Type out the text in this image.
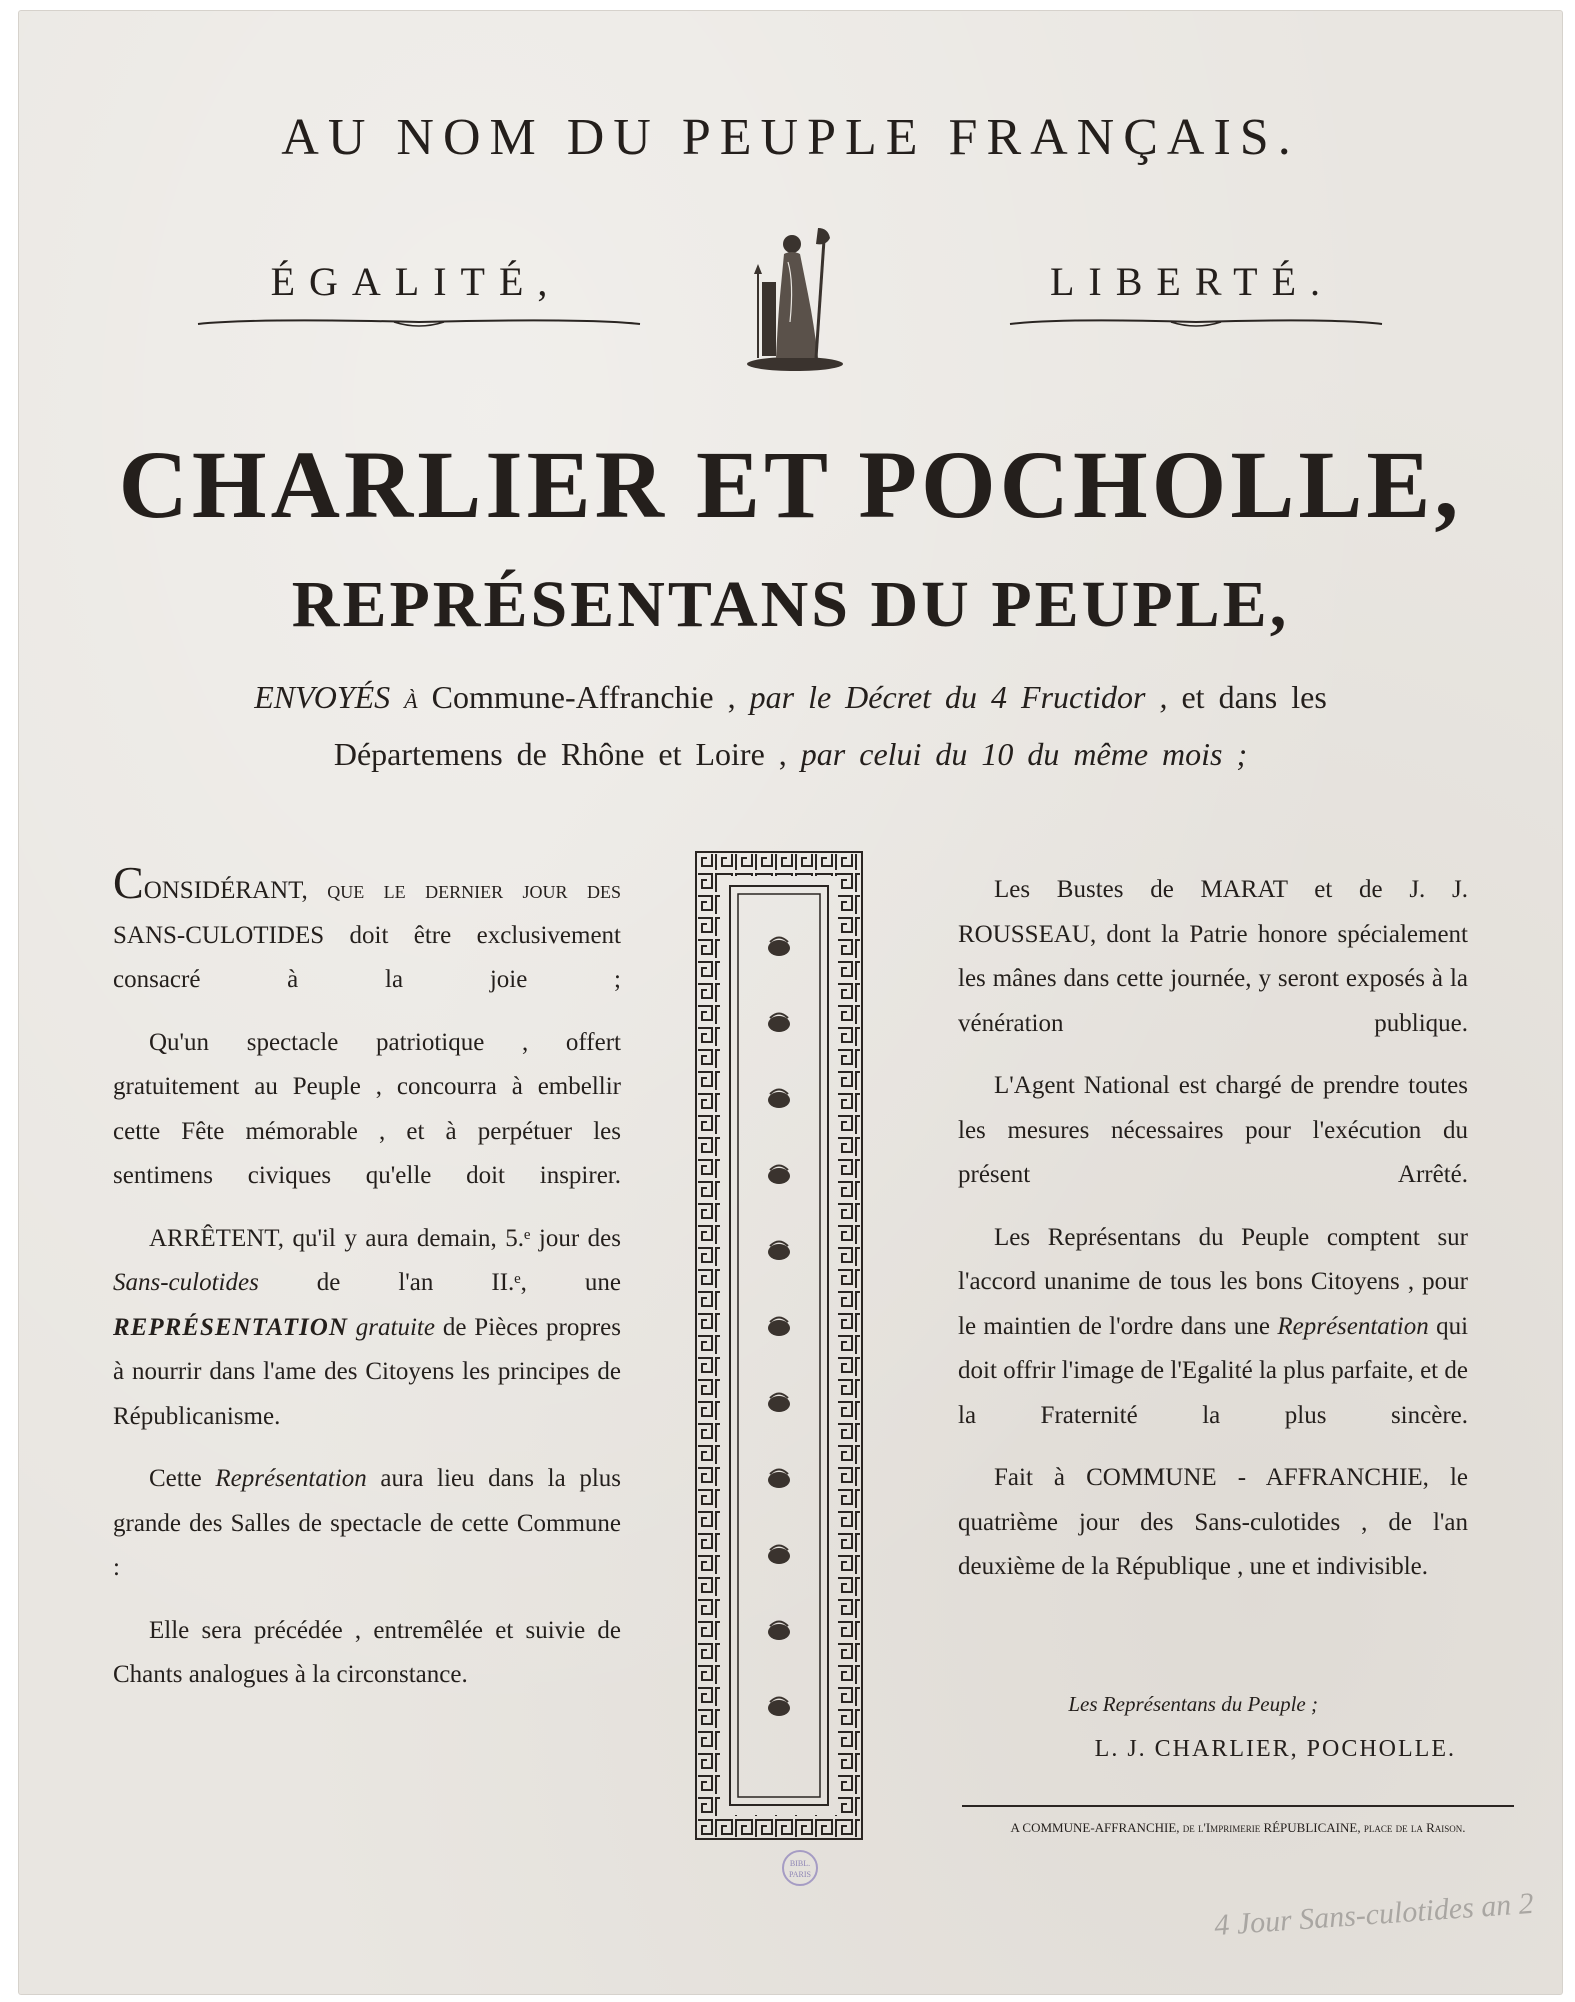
AU NOM DU PEUPLE FRANÇAIS.
ÉGALITÉ,	LIBERTÉ.
CHARLIER ET POCHOLLE,
REPRÉSENTANS DU PEUPLE,
ENVOYÉS à Commune-Affranchie , par le Décret du 4 Fructidor , et dans les
Départemens de Rhône et Loire , par celui du 10 du même mois ;

CONSIDÉRANT, que le dernier jour des SANS-CULOTIDES doit être exclusivement consacré à la joie ;

Qu'un spectacle patriotique , offert gratuitement au Peuple , concourra à embellir cette Fête mémorable , et à perpétuer les sentimens civiques qu'elle doit inspirer.

ARRÊTENT, qu'il y aura demain, 5.ᵉ jour des Sans-culotides de l'an II.ᵉ, une REPRÉSENTATION gratuite de Pièces propres à nourrir dans l'ame des Citoyens les principes de Républicanisme.

Cette Représentation aura lieu dans la plus grande des Salles de spectacle de cette Commune :

Elle sera précédée , entremêlée et suivie de Chants analogues à la circonstance.

Les Bustes de MARAT et de J. J. ROUSSEAU, dont la Patrie honore spécialement les mânes dans cette journée, y seront exposés à la vénération publique.

L'Agent National est chargé de prendre toutes les mesures nécessaires pour l'exécution du présent Arrêté.

Les Représentans du Peuple comptent sur l'accord unanime de tous les bons Citoyens , pour le maintien de l'ordre dans une Représentation qui doit offrir l'image de l'Egalité la plus parfaite, et de la Fraternité la plus sincère.

Fait à COMMUNE - AFFRANCHIE, le quatrième jour des Sans-culotides , de l'an deuxième de la République , une et indivisible.

Les Représentans du Peuple ;
L. J. CHARLIER, POCHOLLE.
A COMMUNE-AFFRANCHIE, de l'Imprimerie RÉPUBLICAINE, place de la Raison.
BIBL. PARIS
4 Jour Sans-culotides an 2
